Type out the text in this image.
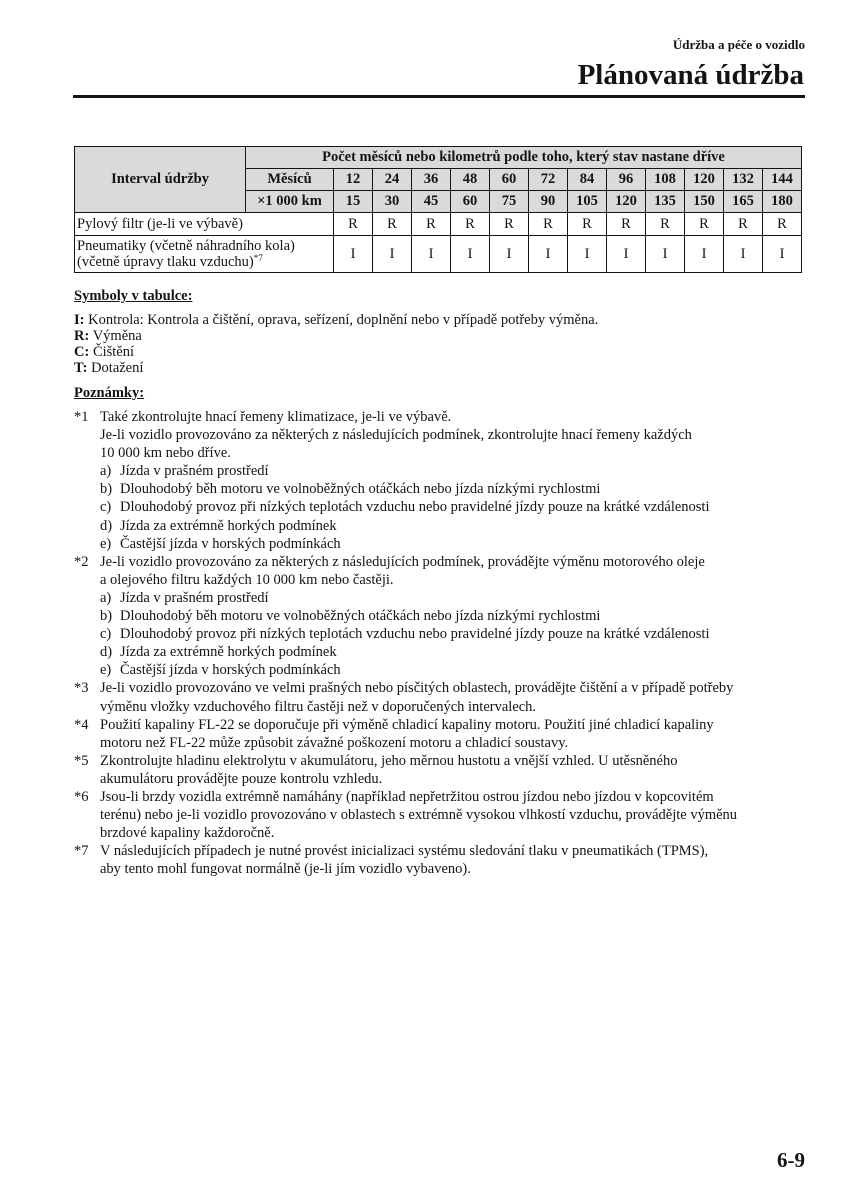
Údržba a péče o vozidlo
Plánovaná údržba
Interval údržby	Počet měsíců nebo kilometrů podle toho, který stav nastane dříve												
	Měsíců	12	24	36	48	60	72	84	96	108	120	132	144
	×1 000 km	15	30	45	60	75	90	105	120	135	150	165	180
Pylový filtr (je-li ve výbavě)		R	R	R	R	R	R	R	R	R	R	R	R
Pneumatiky (včetně náhradního kola)
(včetně úpravy tlaku vzduchu)$^{*7}$		I	I	I	I	I	I	I	I	I	I	I	I
Symboly v tabulce:
I: Kontrola: Kontrola a čištění, oprava, seřízení, doplnění nebo v případě potřeby výměna.
R: Výměna
C: Čištění
T: Dotažení
Poznámky:
*1 Také zkontrolujte hnací řemeny klimatizace, je-li ve výbavě.
Je-li vozidlo provozováno za některých z následujících podmínek, zkontrolujte hnací řemeny každých
10 000 km nebo dříve.
a) Jízda v prašném prostředí
b) Dlouhodobý běh motoru ve volnoběžných otáčkách nebo jízda nízkými rychlostmi
c) Dlouhodobý provoz při nízkých teplotách vzduchu nebo pravidelné jízdy pouze na krátké vzdálenosti
d) Jízda za extrémně horkých podmínek
e) Častější jízda v horských podmínkách
*2 Je-li vozidlo provozováno za některých z následujících podmínek, provádějte výměnu motorového oleje
a olejového filtru každých 10 000 km nebo častěji.
a) Jízda v prašném prostředí
b) Dlouhodobý běh motoru ve volnoběžných otáčkách nebo jízda nízkými rychlostmi
c) Dlouhodobý provoz při nízkých teplotách vzduchu nebo pravidelné jízdy pouze na krátké vzdálenosti
d) Jízda za extrémně horkých podmínek
e) Častější jízda v horských podmínkách
*3 Je-li vozidlo provozováno ve velmi prašných nebo písčitých oblastech, provádějte čištění a v případě potřeby
výměnu vložky vzduchového filtru častěji než v doporučených intervalech.
*4 Použití kapaliny FL-22 se doporučuje při výměně chladicí kapaliny motoru. Použití jiné chladicí kapaliny
motoru než FL-22 může způsobit závažné poškození motoru a chladicí soustavy.
*5 Zkontrolujte hladinu elektrolytu v akumulátoru, jeho měrnou hustotu a vnější vzhled. U utěsněného
akumulátoru provádějte pouze kontrolu vzhledu.
*6 Jsou-li brzdy vozidla extrémně namáhány (například nepřetržitou ostrou jízdou nebo jízdou v kopcovitém
terénu) nebo je-li vozidlo provozováno v oblastech s extrémně vysokou vlhkostí vzduchu, provádějte výměnu
brzdové kapaliny každoročně.
*7 V následujících případech je nutné provést inicializaci systému sledování tlaku v pneumatikách (TPMS),
aby tento mohl fungovat normálně (je-li jím vozidlo vybaveno).
6-9
